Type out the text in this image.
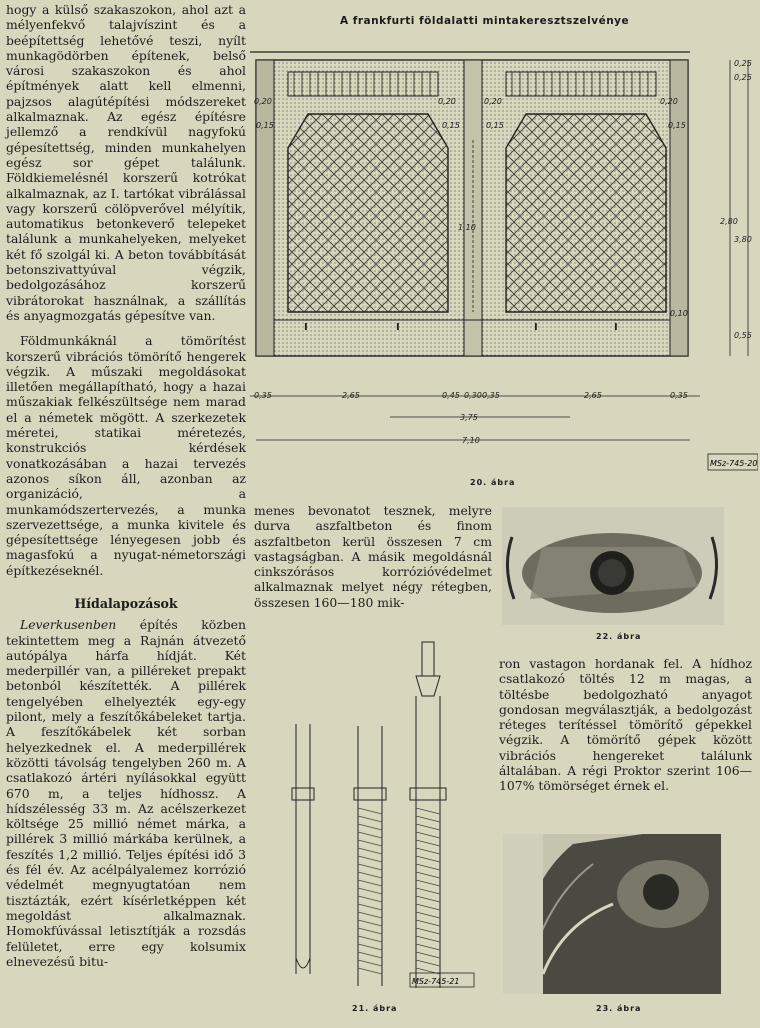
hogy a külső szakaszokon, ahol azt a mélyenfekvő talajvíszint és a beépítettség lehetővé teszi, nyílt munkagödörben építenek, belső városi szakaszokon és ahol építmények alatt kell elmenni, pajzsos alagútépítési módszereket alkalmaznak. Az egész építésre jellemző a rendkívül nagyfokú gépesítettség, minden munkahelyen egész sor gépet találunk. Földkiemelésnél korszerű kotrókat alkalmaznak, az I. tartókat vibrálással vagy korszerű cölöpverővel mélyítik, automatikus betonkeverő telepeket találunk a munkahelyeken, melyeket két fő szolgál ki. A beton továbbítását betonszivattyúval végzik, bedolgozásához korszerű vibrátorokat használnak, a szállítás és anyagmozgatás gépesítve van.

Földmunkáknál a tömörítést korszerű vibrációs tömörítő hengerek végzik. A műszaki megoldásokat illetően megállapítható, hogy a hazai műszakiak felkészültsége nem marad el a németek mögött. A szerkezetek méretei, statikai méretezés, konstrukciós kérdések vonatkozásában a hazai tervezés azonos síkon áll, azonban az organizáció, a munkamódszertervezés, a munka szervezettsége, a munka kivitele és gépesítettsége lényegesen jobb és magasfokú a nyugat-németországi építkezéseknél.

Hídalapozások

Leverkusenben építés közben tekintettem meg a Rajnán átvezető autópálya hárfa hídját. Két mederpillér van, a pilléreket prepakt betonból készítették. A pillérek tengelyében elhelyezték egy-egy pilont, mely a feszítőkábeleket tartja. A feszítőkábelek két sorban helyezkednek el. A mederpillérek közötti távolság tengelyben 260 m. A csatlakozó ártéri nyílásokkal együtt 670 m, a teljes hídhossz. A hídszélesség 33 m. Az acélszerkezet költsége 25 millió német márka, a pillérek 3 millió márkába kerülnek, a feszítés 1,2 millió. Teljes építési idő 3 és fél év. Az acélpályalemez korrózió védelmét megnyugtatóan nem tisztázták, ezért kísérletképpen két megoldást alkalmaznak. Homokfúvással letisztítják a rozsdás felületet, erre egy kolsumix elnevezésű bitu-

menes bevonatot tesznek, melyre durva aszfaltbeton és finom aszfaltbeton kerül összesen 7 cm vastagságban. A másik megoldásnál cinkszórásos korrózióvédelmet alkalmaznak melyet négy rétegben, összesen 160—180 mik-

ron vastagon hordanak fel. A hídhoz csatlakozó töltés 12 m magas, a töltésbe bedolgozható anyagot gondosan megválasztják, a bedolgozást réteges terítéssel tömörítő gépekkel végzik. A tömörítő gépek között vibrációs hengereket találunk általában. A régi Proktor szerint 106—107% tömörséget érnek el.

A frankfurti földalatti mintakeresztszelvénye
I	I	I	I
MSz-745-20
0,25
0,25
0,20	0,20	0,20	0,20
0,15	0,15	0,15	0,15
1,10
2,80
3,80
0,10
0,55
0,35	2,65	0,45 0,30 0,35	2,65	0,35
3,75
7,10
20. ábra
22. ábra
MSz-745-21
21. ábra	23. ábra
